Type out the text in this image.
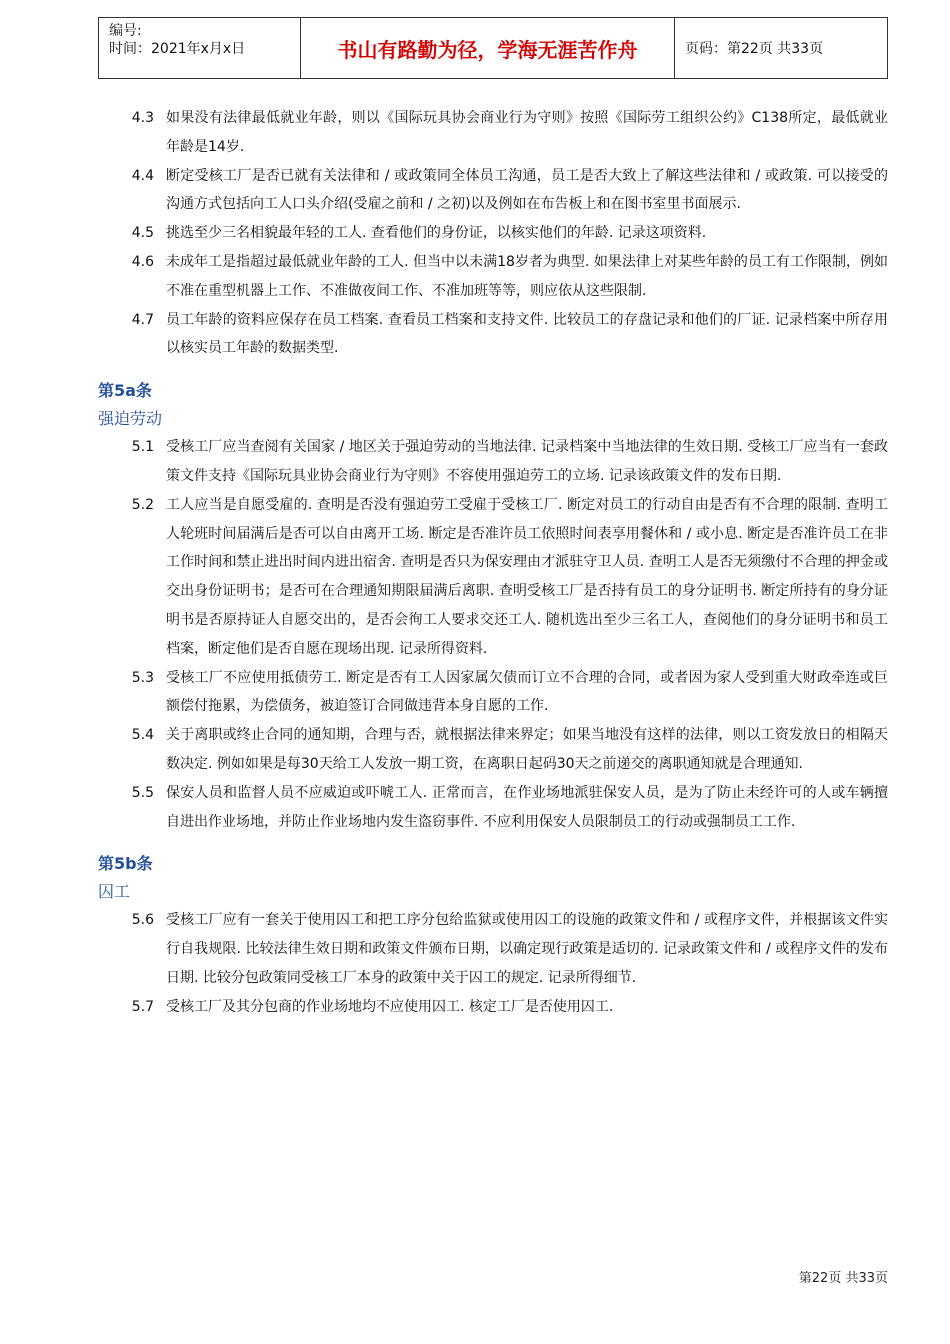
编号:
时间：2021年x月x日	书山有路勤为径，学海无涯苦作舟	页码：第22页 共33页
4.3 如果没有法律最低就业年龄，则以《国际玩具协会商业行为守则》按照《国际劳工组织公约》C138所定，最低就业年龄是14岁.
4.4 断定受核工厂是否已就有关法律和 / 或政策同全体员工沟通，员工是否大致上了解这些法律和 / 或政策. 可以接受的沟通方式包括向工人口头介绍(受雇之前和 / 之初)以及例如在布告板上和在图书室里书面展示.
4.5 挑选至少三名相貌最年轻的工人. 查看他们的身份证，以核实他们的年龄. 记录这项资料.
4.6 未成年工是指超过最低就业年龄的工人. 但当中以未满18岁者为典型. 如果法律上对某些年龄的员工有工作限制，例如不准在重型机器上工作、不准做夜间工作、不准加班等等，则应依从这些限制.
4.7 员工年龄的资料应保存在员工档案. 查看员工档案和支持文件. 比较员工的存盘记录和他们的厂证. 记录档案中所存用以核实员工年龄的数据类型.
第5a条
强迫劳动
5.1 受核工厂应当查阅有关国家 / 地区关于强迫劳动的当地法律. 记录档案中当地法律的生效日期. 受核工厂应当有一套政策文件支持《国际玩具业协会商业行为守则》不容使用强迫劳工的立场. 记录该政策文件的发布日期.
5.2 工人应当是自愿受雇的. 查明是否没有强迫劳工受雇于受核工厂. 断定对员工的行动自由是否有不合理的限制. 查明工人轮班时间届满后是否可以自由离开工场. 断定是否准许员工依照时间表享用餐休和 / 或小息. 断定是否准许员工在非工作时间和禁止进出时间内进出宿舍. 查明是否只为保安理由才派驻守卫人员. 查明工人是否无须缴付不合理的押金或交出身份证明书；是否可在合理通知期限届满后离职. 查明受核工厂是否持有员工的身分证明书. 断定所持有的身分证明书是否原持证人自愿交出的，是否会徇工人要求交还工人. 随机选出至少三名工人，查阅他们的身分证明书和员工档案，断定他们是否自愿在现场出现. 记录所得资料.
5.3 受核工厂不应使用抵债劳工. 断定是否有工人因家属欠债而订立不合理的合同，或者因为家人受到重大财政牵连或巨额偿付拖累，为偿债务，被迫签订合同做违背本身自愿的工作.
5.4 关于离职或终止合同的通知期，合理与否，就根据法律来界定；如果当地没有这样的法律，则以工资发放日的相隔天数决定. 例如如果是每30天给工人发放一期工资，在离职日起码30天之前递交的离职通知就是合理通知.
5.5 保安人员和监督人员不应威迫或吓唬工人. 正常而言，在作业场地派驻保安人员，是为了防止未经许可的人或车辆擅自进出作业场地，并防止作业场地内发生盗窃事件. 不应利用保安人员限制员工的行动或强制员工工作.
第5b条
囚工
5.6 受核工厂应有一套关于使用囚工和把工序分包给监狱或使用囚工的设施的政策文件和 / 或程序文件，并根据该文件实行自我规限. 比较法律生效日期和政策文件颁布日期，以确定现行政策是适切的. 记录政策文件和 / 或程序文件的发布日期. 比较分包政策同受核工厂本身的政策中关于囚工的规定. 记录所得细节.
5.7 受核工厂及其分包商的作业场地均不应使用囚工. 核定工厂是否使用囚工.
第22页 共33页
